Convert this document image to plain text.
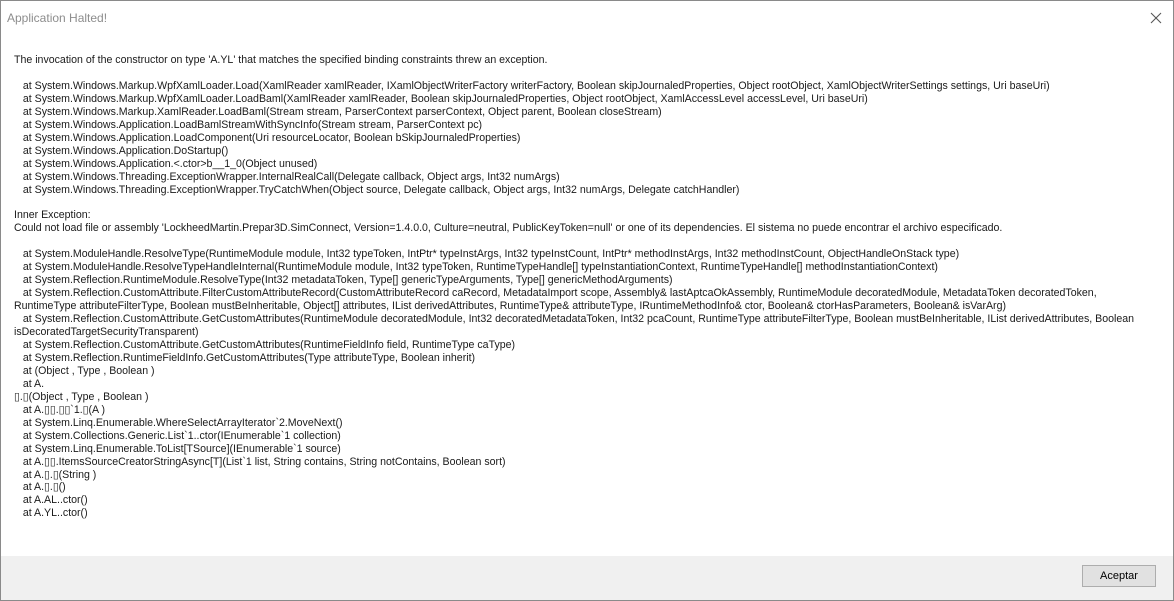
Application Halted!
The invocation of the constructor on type 'A.YL' that matches the specified binding constraints threw an exception.

at System.Windows.Markup.WpfXamlLoader.Load(XamlReader xamlReader, IXamlObjectWriterFactory writerFactory, Boolean skipJournaledProperties, Object rootObject, XamlObjectWriterSettings settings, Uri baseUri)
at System.Windows.Markup.WpfXamlLoader.LoadBaml(XamlReader xamlReader, Boolean skipJournaledProperties, Object rootObject, XamlAccessLevel accessLevel, Uri baseUri)
at System.Windows.Markup.XamlReader.LoadBaml(Stream stream, ParserContext parserContext, Object parent, Boolean closeStream)
at System.Windows.Application.LoadBamlStreamWithSyncInfo(Stream stream, ParserContext pc)
at System.Windows.Application.LoadComponent(Uri resourceLocator, Boolean bSkipJournaledProperties)
at System.Windows.Application.DoStartup()
at System.Windows.Application.<.ctor>b__1_0(Object unused)
at System.Windows.Threading.ExceptionWrapper.InternalRealCall(Delegate callback, Object args, Int32 numArgs)
at System.Windows.Threading.ExceptionWrapper.TryCatchWhen(Object source, Delegate callback, Object args, Int32 numArgs, Delegate catchHandler)

Inner Exception:
Could not load file or assembly 'LockheedMartin.Prepar3D.SimConnect, Version=1.4.0.0, Culture=neutral, PublicKeyToken=null' or one of its dependencies. El sistema no puede encontrar el archivo especificado.

at System.ModuleHandle.ResolveType(RuntimeModule module, Int32 typeToken, IntPtr* typeInstArgs, Int32 typeInstCount, IntPtr* methodInstArgs, Int32 methodInstCount, ObjectHandleOnStack type)
at System.ModuleHandle.ResolveTypeHandleInternal(RuntimeModule module, Int32 typeToken, RuntimeTypeHandle[] typeInstantiationContext, RuntimeTypeHandle[] methodInstantiationContext)
at System.Reflection.RuntimeModule.ResolveType(Int32 metadataToken, Type[] genericTypeArguments, Type[] genericMethodArguments)
at System.Reflection.CustomAttribute.FilterCustomAttributeRecord(CustomAttributeRecord caRecord, MetadataImport scope, Assembly& lastAptcaOkAssembly, RuntimeModule decoratedModule, MetadataToken decoratedToken, RuntimeType attributeFilterType, Boolean mustBeInheritable, Object[] attributes, IList derivedAttributes, RuntimeType& attributeType, IRuntimeMethodInfo& ctor, Boolean& ctorHasParameters, Boolean& isVarArg)
at System.Reflection.CustomAttribute.GetCustomAttributes(RuntimeModule decoratedModule, Int32 decoratedMetadataToken, Int32 pcaCount, RuntimeType attributeFilterType, Boolean mustBeInheritable, IList derivedAttributes, Boolean isDecoratedTargetSecurityTransparent)
at System.Reflection.CustomAttribute.GetCustomAttributes(RuntimeFieldInfo field, RuntimeType caType)
at System.Reflection.RuntimeFieldInfo.GetCustomAttributes(Type attributeType, Boolean inherit)
at (Object , Type , Boolean )
at A.
▯.▯(Object , Type , Boolean )
at A.▯▯.▯▯`1.▯(A )
at System.Linq.Enumerable.WhereSelectArrayIterator`2.MoveNext()
at System.Collections.Generic.List`1..ctor(IEnumerable`1 collection)
at System.Linq.Enumerable.ToList[TSource](IEnumerable`1 source)
at A.▯▯.ItemsSourceCreatorStringAsync[T](List`1 list, String contains, String notContains, Boolean sort)
at A.▯.▯(String )
at A.▯.▯()
at A.AL..ctor()
at A.YL..ctor()
Aceptar
